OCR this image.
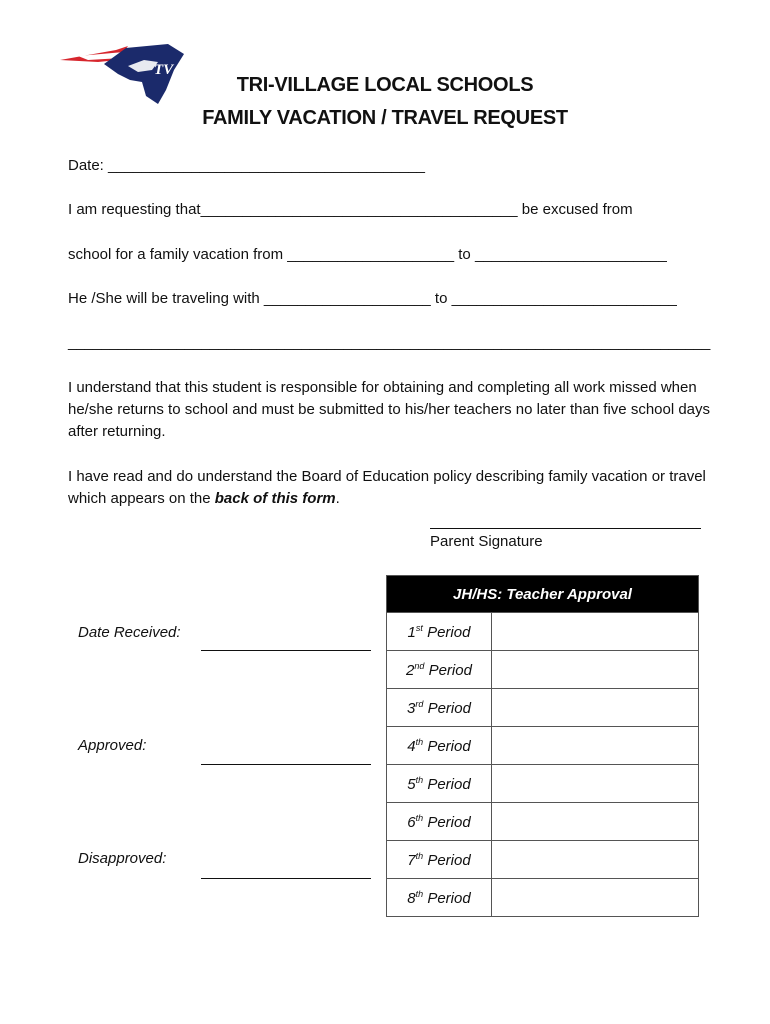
TV
TRI-VILLAGE LOCAL SCHOOLS
FAMILY VACATION / TRAVEL REQUEST
Date: ______________________________________
I am requesting that______________________________________ be excused from
school for a family vacation from ____________________ to _______________________
He /She will be traveling with ____________________ to ___________________________
_____________________________________________________________________________
I understand that this student is responsible for obtaining and completing all work missed when he/she returns to school and must be submitted to his/her teachers no later than five school days after returning.
I have read and do understand the Board of Education policy describing family vacation or travel which appears on the back of this form.
Parent Signature
Date Received:
Approved:
Disapproved:
JH/HS: Teacher Approval	
1st Period	
2nd Period	
3rd Period	
4th Period	
5th Period	
6th Period	
7th Period	
8th Period	
